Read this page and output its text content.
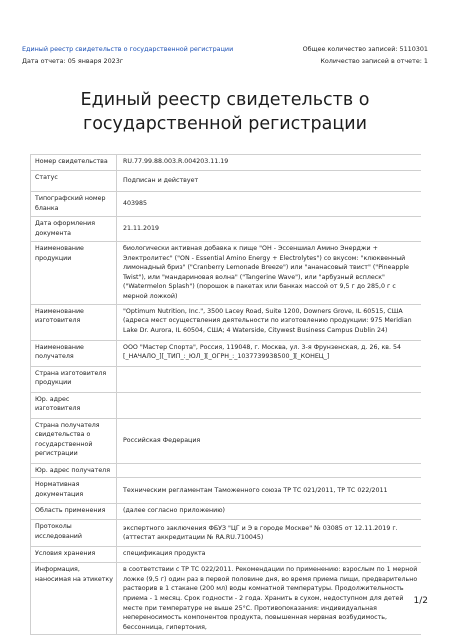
Единый реестр свидетельств о государственной регистрации	Общее количество записей: 5110301
Дата отчета: 05 января 2023г	Количество записей в отчете: 1
Единый реестр свидетельств о государственной регистрации
Номер свидетельства	RU.77.99.88.003.R.004203.11.19
Статус	Подписан и действует
Типографский номер бланка	403985
Дата оформления документа	21.11.2019
Наименование продукции	биологически активная добавка к пище "ОН - Эссеншиал Амино Энерджи + Электролитес" ("ON - Essential Amino Energy + Electrolytes") со вкусом: "клюквенный лимонадный бриз" ("Cranberry Lemonade Breeze") или "ананасовый твист" ("Pineapple Twist"), или "мандариновая волна" ("Tangerine Wave"), или "арбузный всплеск" ("Watermelon Splash") (порошок в пакетах или банках массой от 9,5 г до 285,0 г с мерной ложкой)
Наименование изготовителя	"Optimum Nutrition, Inc.", 3500 Lacey Road, Suite 1200, Downers Grove, IL 60515, США (адреса мест осуществления деятельности по изготовлению продукции: 975 Meridian Lake Dr. Aurora, IL 60504, США; 4 Waterside, Citywest Business Campus Dublin 24)
Наименование получателя	ООО "Мастер Спорта", Россия, 119048, г. Москва, ул. 3-я Фрунзенская, д. 26, кв. 54 [_НАЧАЛО_][_ТИП_:_ЮЛ_][_ОГРН_:_1037739938500_][_КОНЕЦ_]
Страна изготовителя продукции	
Юр. адрес изготовителя	
Страна получателя свидетельства о государственной регистрации	Российская Федерация
Юр. адрес получателя	
Нормативная документация	Техническим регламентам Таможенного союза ТР ТС 021/2011, ТР ТС 022/2011
Область применения	(далее согласно приложению)
Протоколы исследований	экспертного заключения ФБУЗ "ЦГ и Э в городе Москве" № 03085 от 12.11.2019 г. (аттестат аккредитации № RA.RU.710045)
Условия хранения	спецификация продукта
Информация, наносимая на этикетку	в соответствии с ТР ТС 022/2011. Рекомендации по применению: взрослым по 1 мерной ложке (9,5 г) один раз в первой половине дня, во время приема пищи, предварительно растворив в 1 стакане (200 мл) воды комнатной температуры. Продолжительность приема - 1 месяц. Срок годности - 2 года. Хранить в сухом, недоступном для детей месте при температуре не выше 25°C. Противопоказания: индивидуальная непереносимость компонентов продукта, повышенная нервная возбудимость, бессонница, гипертония,
1/2
